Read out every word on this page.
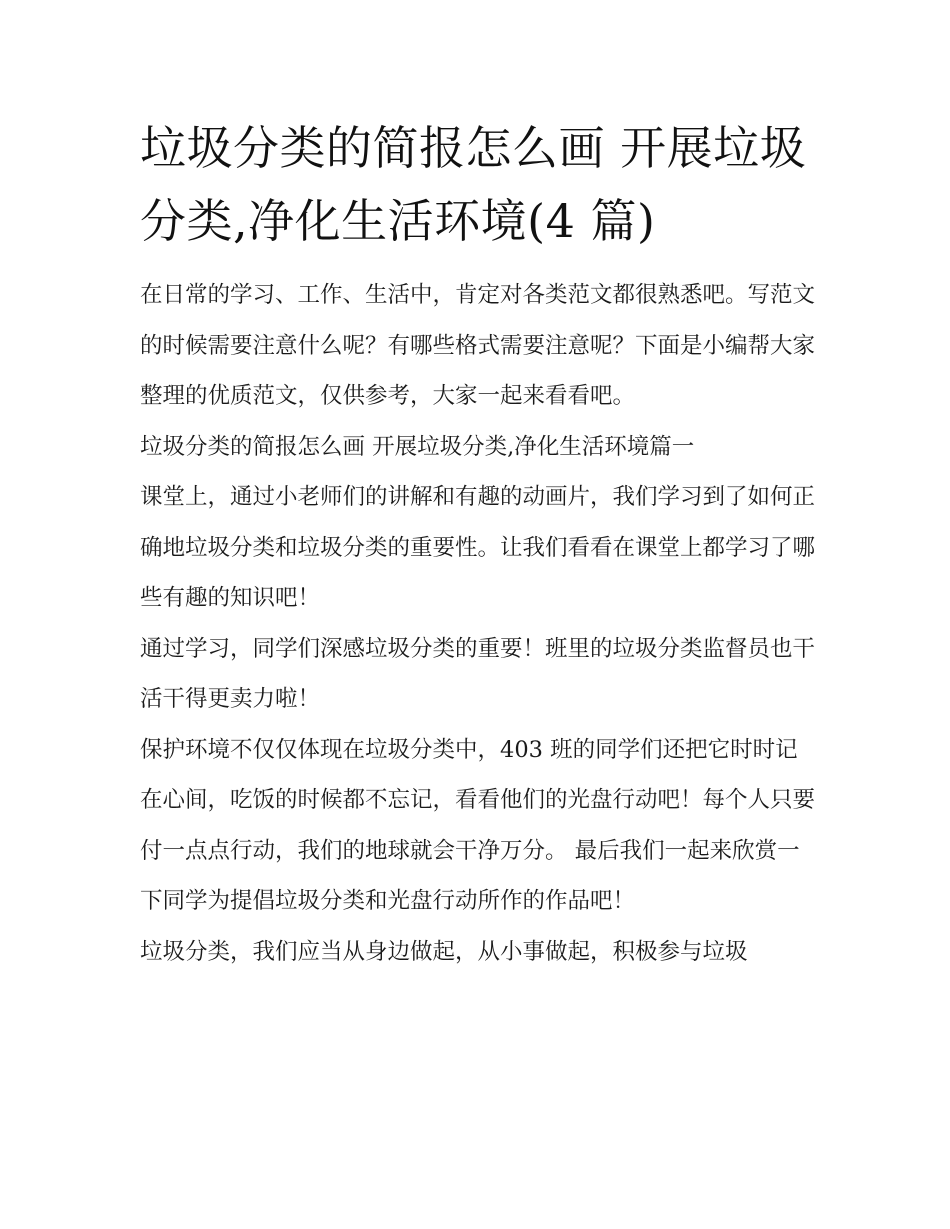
垃圾分类的简报怎么画 开展垃圾分类,净化生活环境(4 篇)

在日常的学习、工作、生活中，肯定对各类范文都很熟悉吧。写范文的时候需要注意什么呢？有哪些格式需要注意呢？下面是小编帮大家整理的优质范文，仅供参考，大家一起来看看吧。

垃圾分类的简报怎么画 开展垃圾分类,净化生活环境篇一

课堂上，通过小老师们的讲解和有趣的动画片，我们学习到了如何正确地垃圾分类和垃圾分类的重要性。让我们看看在课堂上都学习了哪些有趣的知识吧！

通过学习，同学们深感垃圾分类的重要！班里的垃圾分类监督员也干活干得更卖力啦！

保护环境不仅仅体现在垃圾分类中，403 班的同学们还把它时时记在心间，吃饭的时候都不忘记，看看他们的光盘行动吧！每个人只要付一点点行动，我们的地球就会干净万分。 最后我们一起来欣赏一下同学为提倡垃圾分类和光盘行动所作的作品吧！

垃圾分类，我们应当从身边做起，从小事做起，积极参与垃圾
